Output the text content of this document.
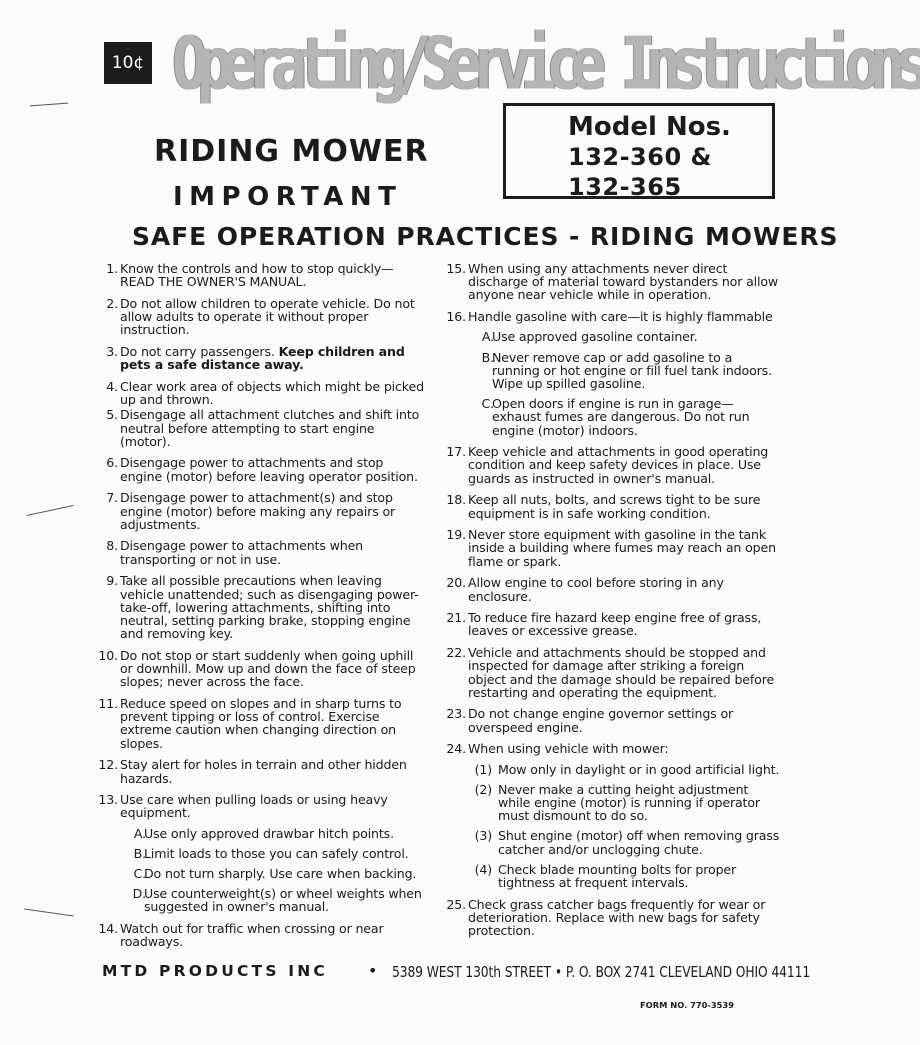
10¢ Operating/Service Instructions
Model Nos.
132-360 &
132-365
RIDING MOWER
IMPORTANT
SAFE OPERATION PRACTICES - RIDING MOWERS
1. Know the controls and how to stop quickly—READ THE OWNER'S MANUAL.
2. Do not allow children to operate vehicle. Do not allow adults to operate it without proper instruction.
3. Do not carry passengers. Keep children and pets a safe distance away.
4. Clear work area of objects which might be picked up and thrown.
5. Disengage all attachment clutches and shift into neutral before attempting to start engine (motor).
6. Disengage power to attachments and stop engine (motor) before leaving operator position.
7. Disengage power to attachment(s) and stop engine (motor) before making any repairs or adjustments.
8. Disengage power to attachments when transporting or not in use.
9. Take all possible precautions when leaving vehicle unattended; such as disengaging power-take-off, lowering attachments, shifting into neutral, setting parking brake, stopping engine and removing key.
10. Do not stop or start suddenly when going uphill or downhill. Mow up and down the face of steep slopes; never across the face.
11. Reduce speed on slopes and in sharp turns to prevent tipping or loss of control. Exercise extreme caution when changing direction on slopes.
12. Stay alert for holes in terrain and other hidden hazards.
13. Use care when pulling loads or using heavy equipment.
A.
Use only approved drawbar hitch points.
B.
Limit loads to those you can safely control.
C.
Do not turn sharply. Use care when backing.
D.
Use counterweight(s) or wheel weights when suggested in owner's manual.
14. Watch out for traffic when crossing or near roadways.
15. When using any attachments never direct discharge of material toward bystanders nor allow anyone near vehicle while in operation.
16. Handle gasoline with care—it is highly flammable
A.
Use approved gasoline container.
B.
Never remove cap or add gasoline to a running or hot engine or fill fuel tank indoors. Wipe up spilled gasoline.
C.
Open doors if engine is run in garage—exhaust fumes are dangerous. Do not run engine (motor) indoors.
17. Keep vehicle and attachments in good operating condition and keep safety devices in place. Use guards as instructed in owner's manual.
18. Keep all nuts, bolts, and screws tight to be sure equipment is in safe working condition.
19. Never store equipment with gasoline in the tank inside a building where fumes may reach an open flame or spark.
20. Allow engine to cool before storing in any enclosure.
21. To reduce fire hazard keep engine free of grass, leaves or excessive grease.
22. Vehicle and attachments should be stopped and inspected for damage after striking a foreign object and the damage should be repaired before restarting and operating the equipment.
23. Do not change engine governor settings or overspeed engine.
24. When using vehicle with mower:
(1) Mow only in daylight or in good artificial light.
(2) Never make a cutting height adjustment while engine (motor) is running if operator must dismount to do so.
(3) Shut engine (motor) off when removing grass catcher and/or unclogging chute.
(4) Check blade mounting bolts for proper tightness at frequent intervals.
25. Check grass catcher bags frequently for wear or deterioration. Replace with new bags for safety protection.
MTD PRODUCTS INC • 5389 WEST 130th STREET • P. O. BOX 2741 CLEVELAND OHIO 44111
FORM NO. 770-3539
